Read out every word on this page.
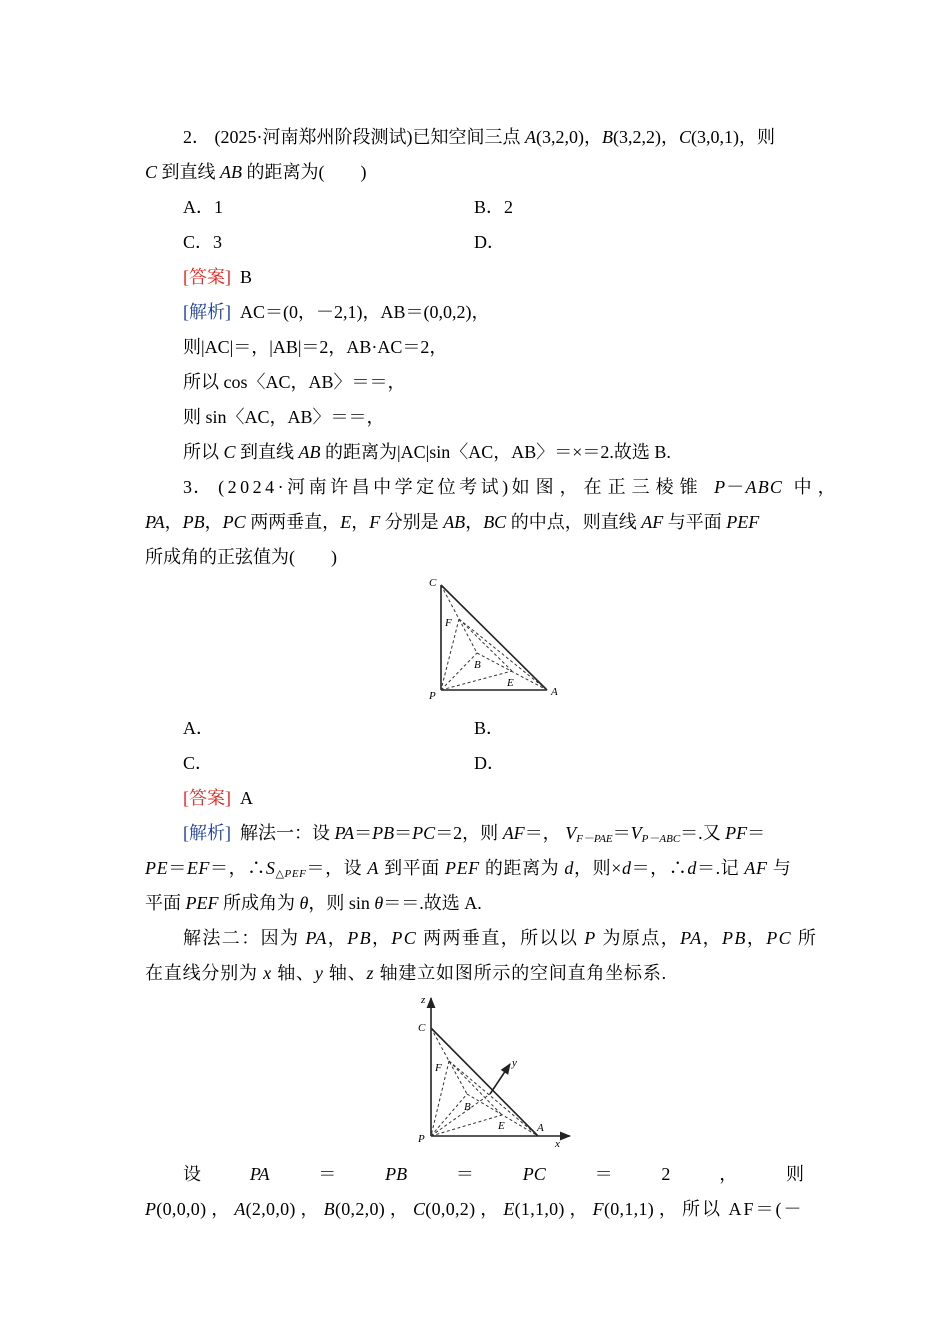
2． (2025·河南郑州阶段测试)已知空间三点 A(3,2,0)，B(3,2,2)，C(3,0,1)，则
C 到直线 AB 的距离为(　　)
A．1	B．2
C．3	D．
[答案] B
[解析] AC＝(0，－2,1)，AB＝(0,0,2)，
则|AC|＝，|AB|＝2，AB·AC＝2，
所以 cos〈AC，AB〉＝＝，
则 sin〈AC，AB〉＝＝，
所以 C 到直线 AB 的距离为|AC|sin〈AC，AB〉＝×＝2.故选 B.
3． (2024·河南许昌中学定位考试)如图，在正三棱锥 P－ABC 中，
PA，PB，PC 两两垂直，E，F 分别是 AB，BC 的中点，则直线 AF 与平面 PEF
所成角的正弦值为(　　)
C
F
B
E
P	A
A．	B．
C．	D．
[答案] A
[解析] 解法一：设 PA＝PB＝PC＝2，则 AF＝， $V_{F-PAE}=V_{P-ABC}=$.又 PF＝
PE＝EF＝，$\therefore S_{\triangle PEF}=$，设 A 到平面 PEF 的距离为 d，则×d＝，∴d＝.记 AF 与
平面 PEF 所成角为 θ，则 sin θ＝＝.故选 A.
解法二：因为 PA，PB，PC 两两垂直，所以以 P 为原点，PA，PB，PC 所
在直线分别为 x 轴、y 轴、z 轴建立如图所示的空间直角坐标系.
z
C
y
F
B
E
P
A
x
设	PA	＝	PB	＝	PC	＝	2	，	则
P(0,0,0) ， A(2,0,0) ， B(0,2,0) ， C(0,0,2) ， E(1,1,0) ， F(0,1,1) ， 所以 AF＝(－
